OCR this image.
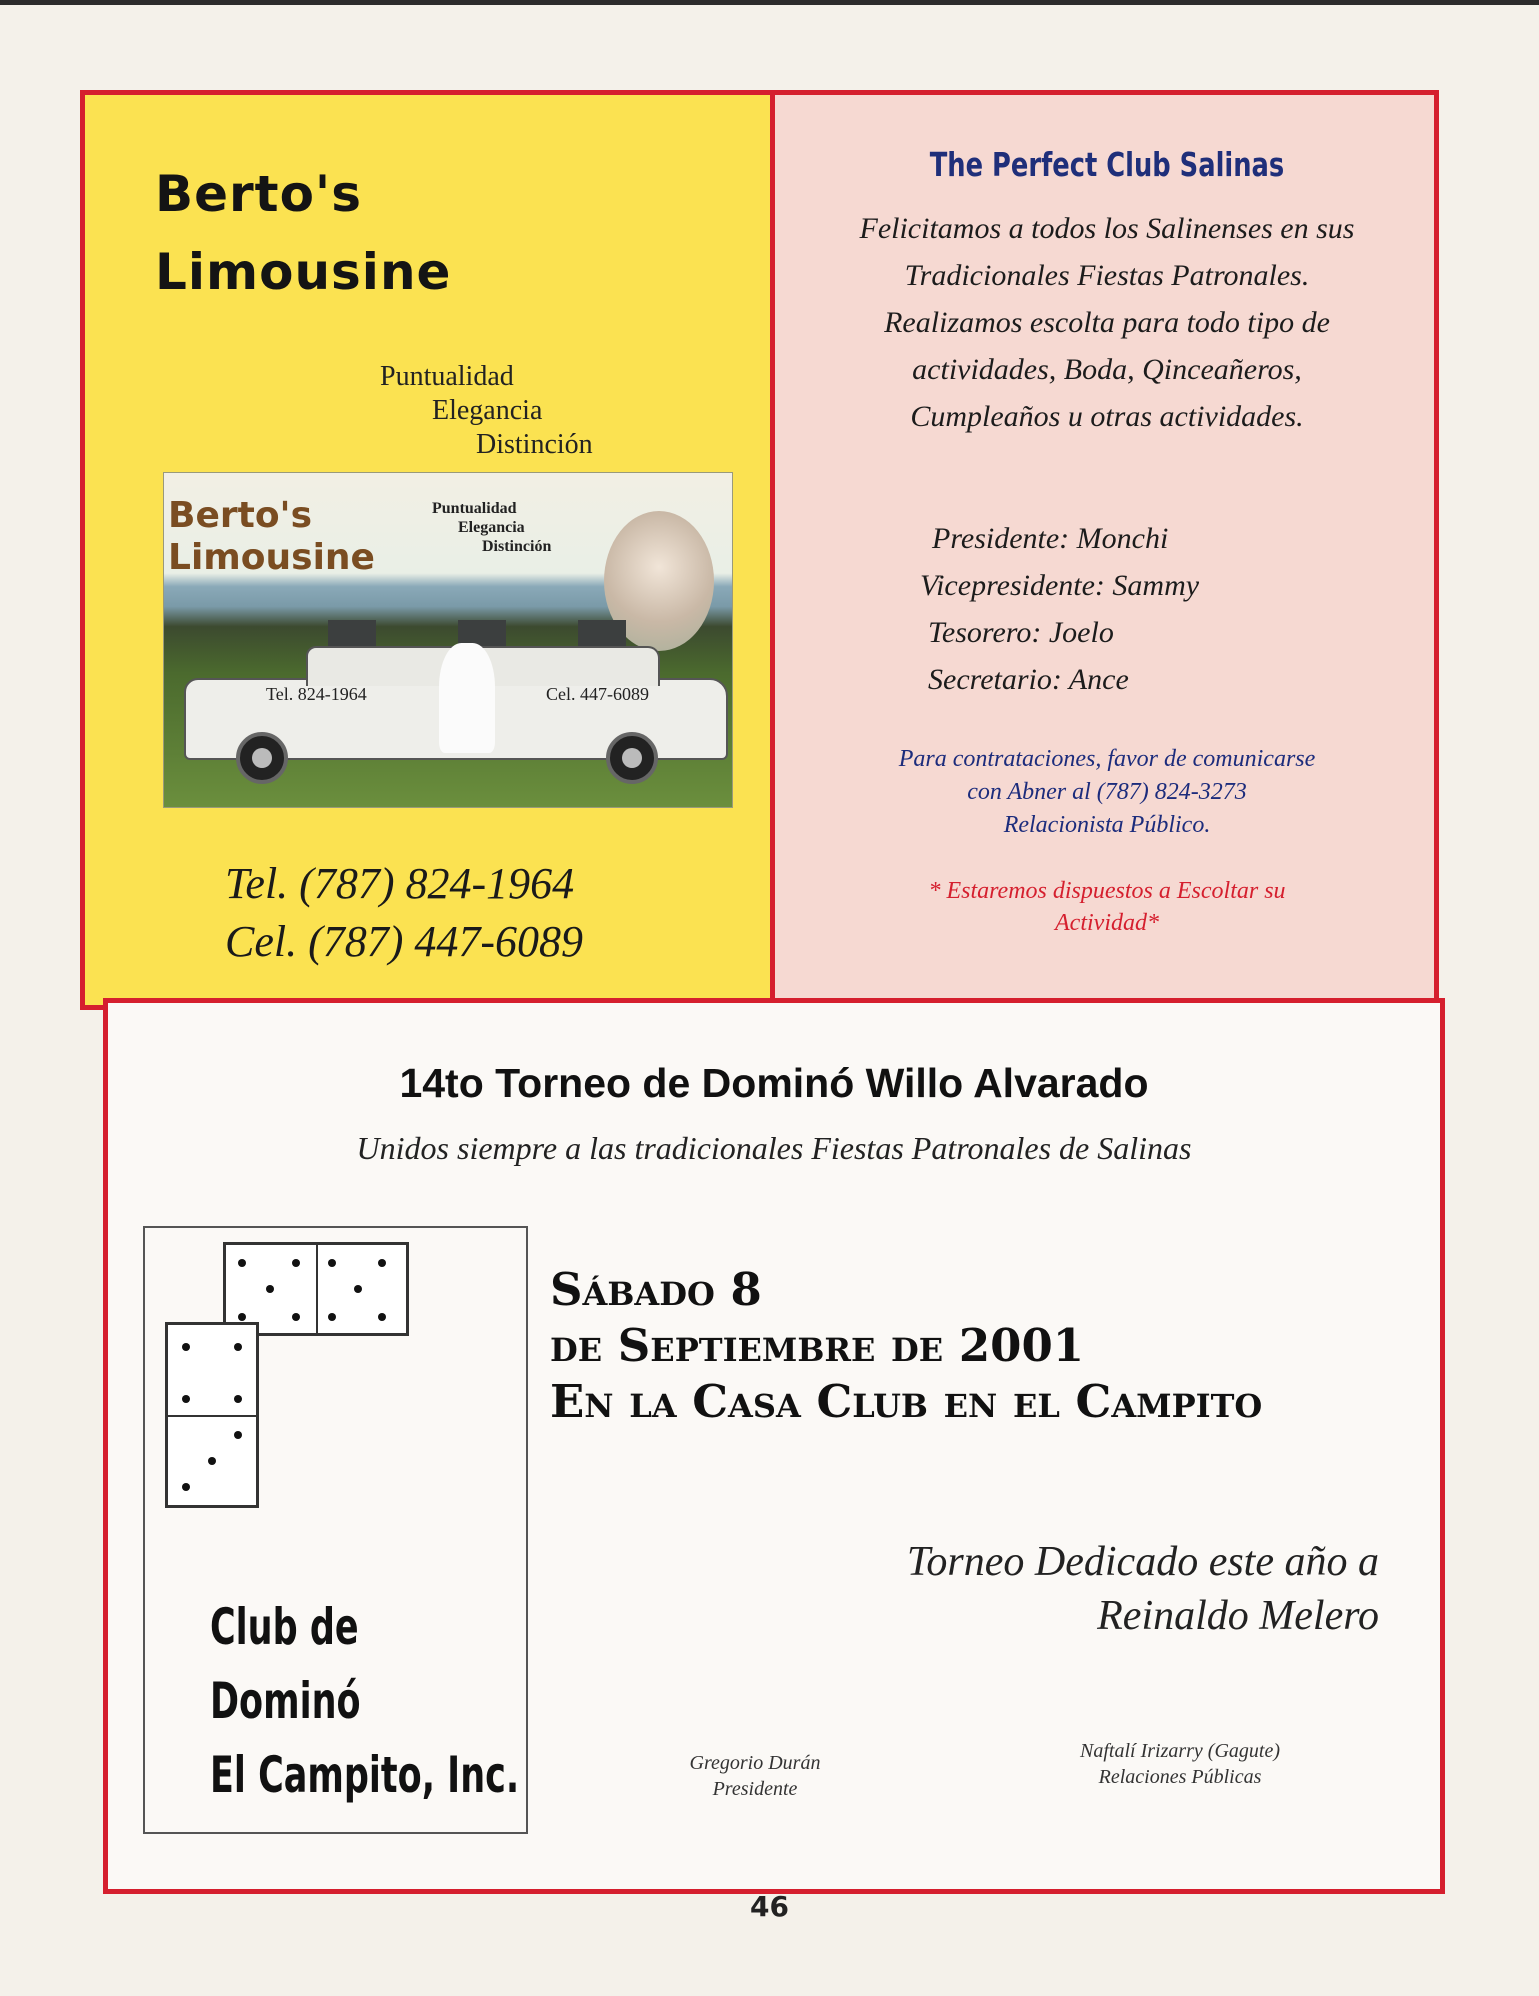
Berto's
Limousine
Puntualidad
Elegancia
Distinción
Berto's
Limousine
Puntualidad
Elegancia
Distinción
Tel. 824-1964	Cel. 447-6089
Tel. (787) 824-1964
Cel. (787) 447-6089
The Perfect Club Salinas
Felicitamos a todos los Salinenses en sus
Tradicionales Fiestas Patronales.
Realizamos escolta para todo tipo de
actividades, Boda, Qinceañeros,
Cumpleaños u otras actividades.
Presidente: Monchi
Vicepresidente: Sammy
Tesorero: Joelo
Secretario: Ance
Para contrataciones, favor de comunicarse
con Abner al (787) 824-3273
Relacionista Público.
* Estaremos dispuestos a Escoltar su
Actividad*
14to Torneo de Dominó Willo Alvarado
Unidos siempre a las tradicionales Fiestas Patronales de Salinas
Club de
Dominó
El Campito, Inc.
Sábado 8
de Septiembre de 2001
En la Casa Club en el Campito
Torneo Dedicado este año a
Reinaldo Melero
Gregorio Durán
Presidente
Naftalí Irizarry (Gagute)
Relaciones Públicas
46
